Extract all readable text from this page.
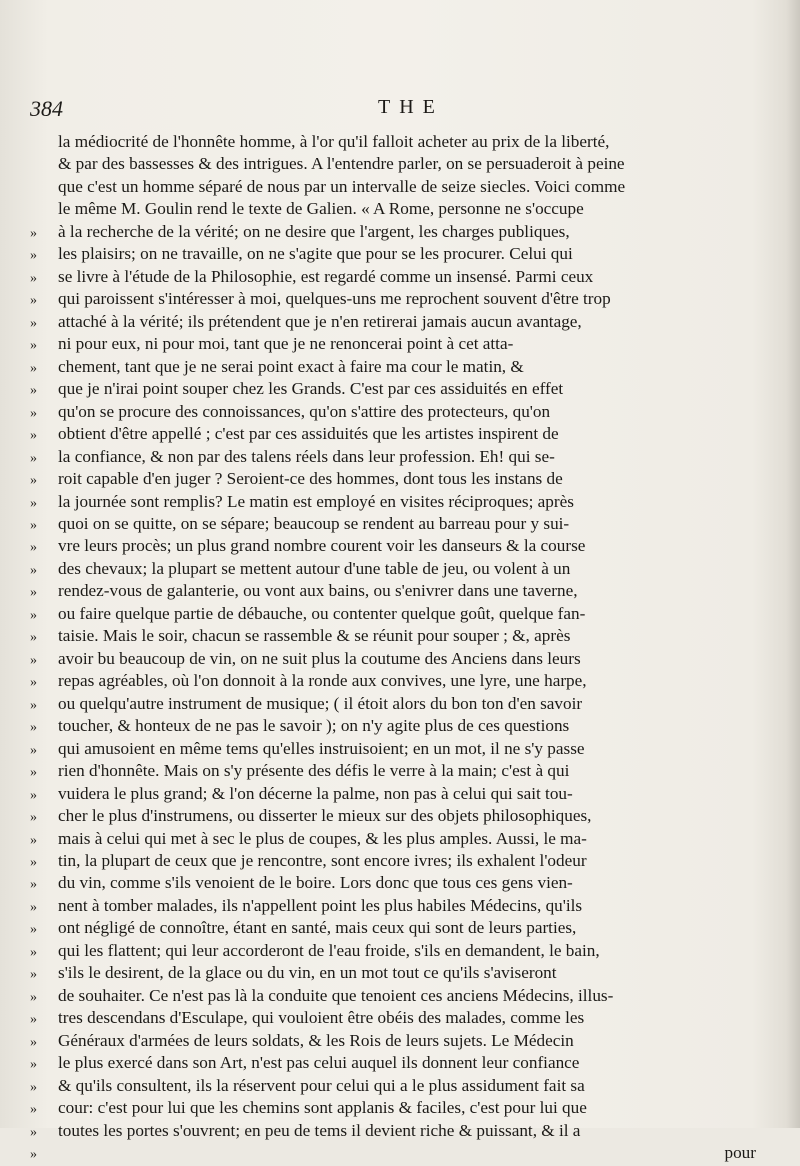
384	THE
la médiocrité de l'honnête homme, à l'or qu'il falloit acheter au prix de la liberté,
& par des bassesses & des intrigues. A l'entendre parler, on se persuaderoit à peine
que c'est un homme séparé de nous par un intervalle de seize siecles. Voici comme
le même M. Goulin rend le texte de Galien. « A Rome, personne ne s'occupe
»	à la recherche de la vérité; on ne desire que l'argent, les charges publiques,
»	les plaisirs; on ne travaille, on ne s'agite que pour se les procurer. Celui qui
»	se livre à l'étude de la Philosophie, est regardé comme un insensé. Parmi ceux
»	qui paroissent s'intéresser à moi, quelques-uns me reprochent souvent d'être trop
»	attaché à la vérité; ils prétendent que je n'en retirerai jamais aucun avantage,
»	ni pour eux, ni pour moi, tant que je ne renoncerai point à cet atta-
»	chement, tant que je ne serai point exact à faire ma cour le matin, &
»	que je n'irai point souper chez les Grands. C'est par ces assiduités en effet
»	qu'on se procure des connoissances, qu'on s'attire des protecteurs, qu'on
»	obtient d'être appellé ; c'est par ces assiduités que les artistes inspirent de
»	la confiance, & non par des talens réels dans leur profession. Eh! qui se-
»	roit capable d'en juger ? Seroient-ce des hommes, dont tous les instans de
»	la journée sont remplis? Le matin est employé en visites réciproques; après
»	quoi on se quitte, on se sépare; beaucoup se rendent au barreau pour y sui-
»	vre leurs procès; un plus grand nombre courent voir les danseurs & la course
»	des chevaux; la plupart se mettent autour d'une table de jeu, ou volent à un
»	rendez-vous de galanterie, ou vont aux bains, ou s'enivrer dans une taverne,
»	ou faire quelque partie de débauche, ou contenter quelque goût, quelque fan-
»	taisie. Mais le soir, chacun se rassemble & se réunit pour souper ; &, après
»	avoir bu beaucoup de vin, on ne suit plus la coutume des Anciens dans leurs
»	repas agréables, où l'on donnoit à la ronde aux convives, une lyre, une harpe,
»	ou quelqu'autre instrument de musique; ( il étoit alors du bon ton d'en savoir
»	toucher, & honteux de ne pas le savoir ); on n'y agite plus de ces questions
»	qui amusoient en même tems qu'elles instruisoient; en un mot, il ne s'y passe
»	rien d'honnête. Mais on s'y présente des défis le verre à la main; c'est à qui
»	vuidera le plus grand; & l'on décerne la palme, non pas à celui qui sait tou-
»	cher le plus d'instrumens, ou disserter le mieux sur des objets philosophiques,
»	mais à celui qui met à sec le plus de coupes, & les plus amples. Aussi, le ma-
»	tin, la plupart de ceux que je rencontre, sont encore ivres; ils exhalent l'odeur
»	du vin, comme s'ils venoient de le boire. Lors donc que tous ces gens vien-
»	nent à tomber malades, ils n'appellent point les plus habiles Médecins, qu'ils
»	ont négligé de connoître, étant en santé, mais ceux qui sont de leurs parties,
»	qui les flattent; qui leur accorderont de l'eau froide, s'ils en demandent, le bain,
»	s'ils le desirent, de la glace ou du vin, en un mot tout ce qu'ils s'aviseront
»	de souhaiter. Ce n'est pas là la conduite que tenoient ces anciens Médecins, illus-
»	tres descendans d'Esculape, qui vouloient être obéis des malades, comme les
»	Généraux d'armées de leurs soldats, & les Rois de leurs sujets. Le Médecin
»	le plus exercé dans son Art, n'est pas celui auquel ils donnent leur confiance
»	& qu'ils consultent, ils la réservent pour celui qui a le plus assidument fait sa
»	cour: c'est pour lui que les chemins sont applanis & faciles, c'est pour lui que
»	toutes les portes s'ouvrent; en peu de tems il devient riche & puissant, & il a
»	pour
